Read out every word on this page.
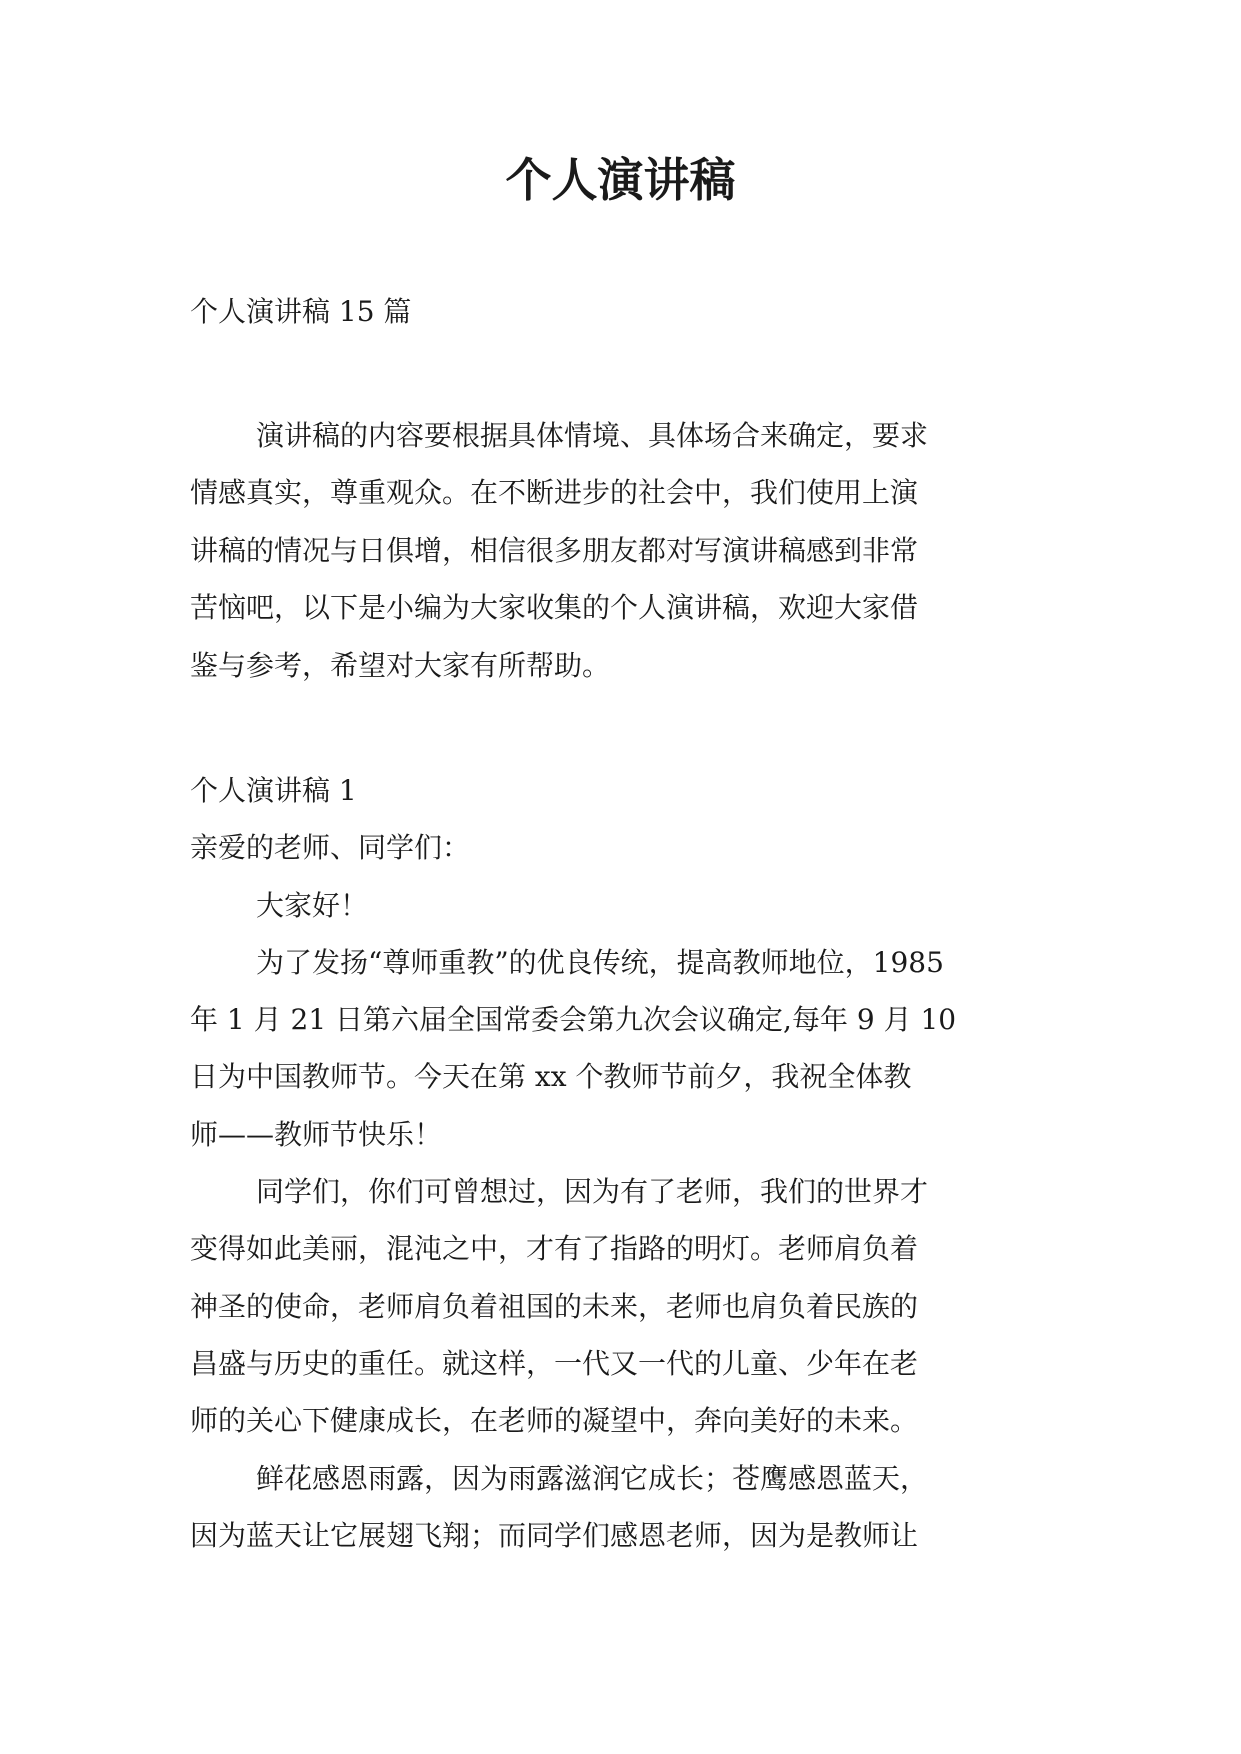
个人演讲稿

个人演讲稿 15 篇

演讲稿的内容要根据具体情境、具体场合来确定，要求
情感真实，尊重观众。在不断进步的社会中，我们使用上演
讲稿的情况与日俱增，相信很多朋友都对写演讲稿感到非常
苦恼吧，以下是小编为大家收集的个人演讲稿，欢迎大家借
鉴与参考，希望对大家有所帮助。
个人演讲稿 1
亲爱的老师、同学们：
大家好！
为了发扬“尊师重教”的优良传统，提高教师地位，1985
年 1 月 21 日第六届全国常委会第九次会议确定,每年 9 月 10
日为中国教师节。今天在第 xx 个教师节前夕，我祝全体教
师——教师节快乐！
同学们，你们可曾想过，因为有了老师，我们的世界才
变得如此美丽，混沌之中，才有了指路的明灯。老师肩负着
神圣的使命，老师肩负着祖国的未来，老师也肩负着民族的
昌盛与历史的重任。就这样，一代又一代的儿童、少年在老
师的关心下健康成长，在老师的凝望中，奔向美好的未来。
鲜花感恩雨露，因为雨露滋润它成长；苍鹰感恩蓝天，
因为蓝天让它展翅飞翔；而同学们感恩老师，因为是教师让
